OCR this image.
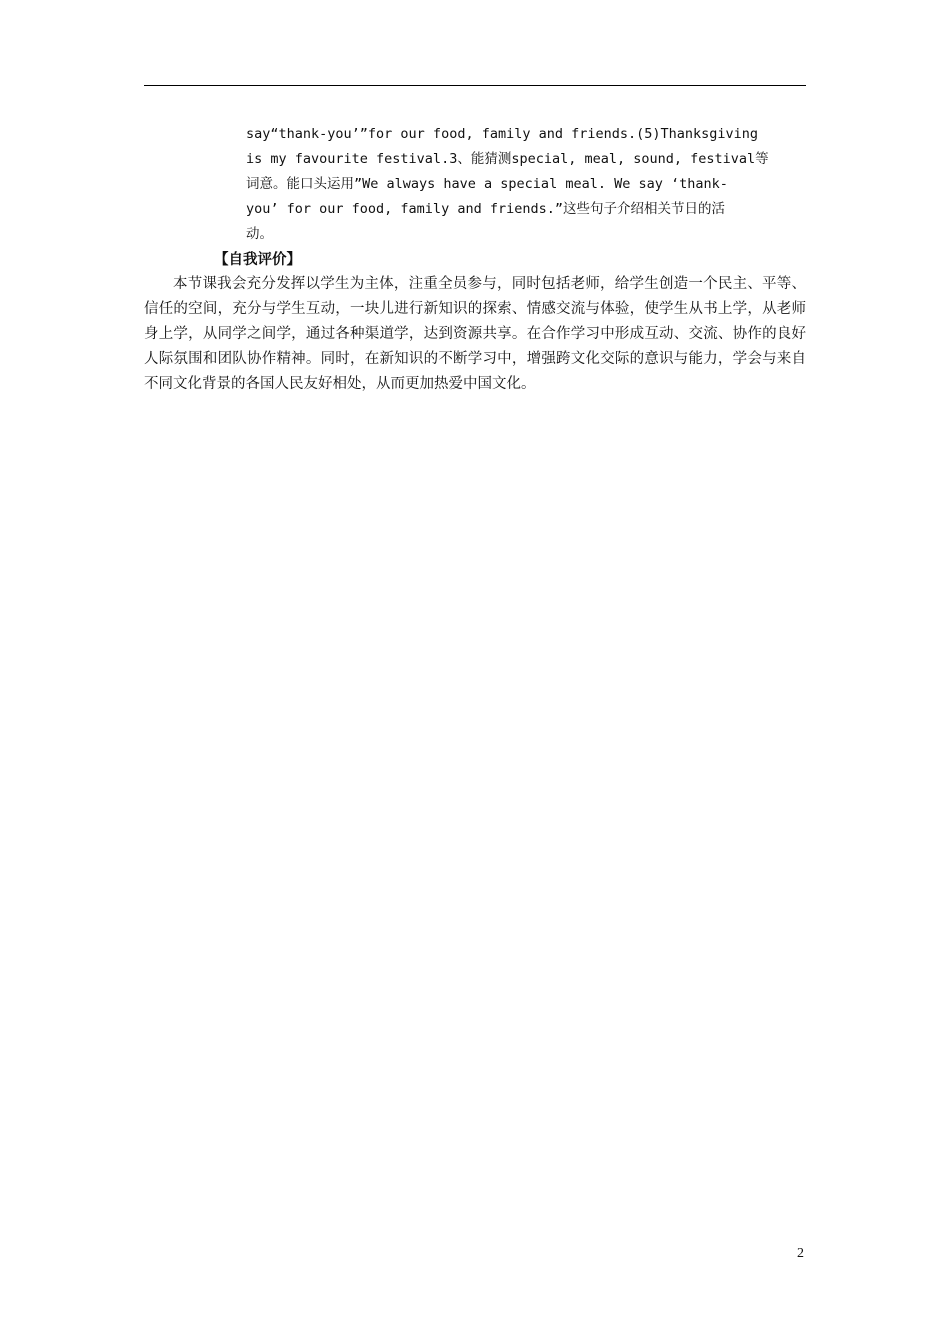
say“thank-you’”for our food, family and friends.(5)Thanksgiving
is my favourite festival.3、能猜测special, meal, sound, festival等
词意。能口头运用”We always have a special meal. We say ‘thank-
you’ for our food, family and friends.”这些句子介绍相关节日的活
动。
【自我评价】
本节课我会充分发挥以学生为主体，注重全员参与，同时包括老师，给学生创造一个民主、平等、信任的空间，充分与学生互动，一块儿进行新知识的探索、情感交流与体验，使学生从书上学，从老师身上学，从同学之间学，通过各种渠道学，达到资源共享。在合作学习中形成互动、交流、协作的良好人际氛围和团队协作精神。同时，在新知识的不断学习中，增强跨文化交际的意识与能力，学会与来自不同文化背景的各国人民友好相处，从而更加热爱中国文化。
2
